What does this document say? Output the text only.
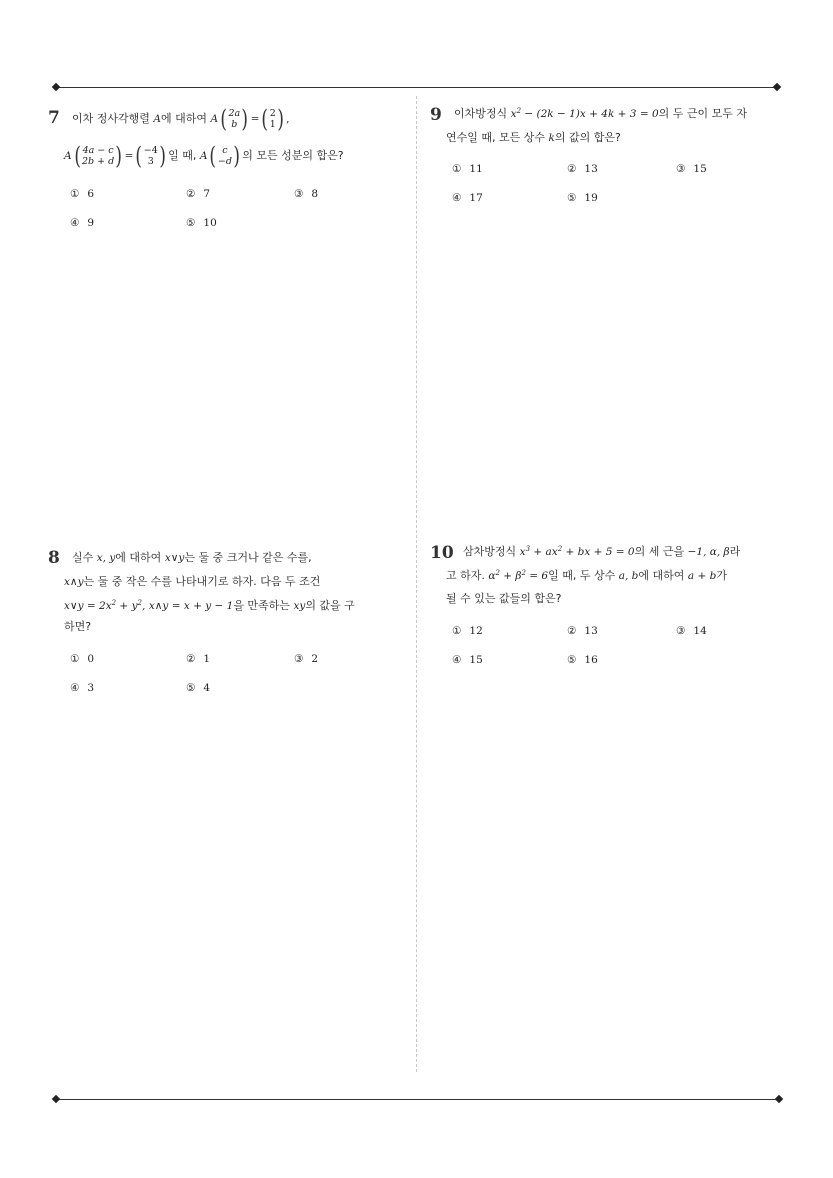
7 이차 정사각행렬 A에 대하여 A ( 2a
b ) = ( 2
1 ) ,
A ( 4a − c
2b + d ) = ( −4
3 ) 일 때, A ( c
−d ) 의 모든 성분의 합은?
① 6	② 7	③ 8
④ 9	⑤ 10
9 이차방정식 $x^2 - (2k - 1)x + 4k + 3 = 0$의 두 근이 모두 자
연수일 때, 모든 상수 k의 값의 합은?
① 11	② 13	③ 15
④ 17	⑤ 19
8 실수 x, y에 대하여 x∨y는 둘 중 크거나 같은 수를,
x∧y는 둘 중 작은 수를 나타내기로 하자. 다음 두 조건
x∨y = $2x^2 + y^2$, x∧y = x + y − 1을 만족하는 xy의 값을 구
하면?
① 0	② 1	③ 2
④ 3	⑤ 4
10 삼차방정식 $x^3 + ax^2$ + bx + 5 = 0의 세 근을 −1, α, β라
고 하자. $\alpha^2 + \beta^2 = 6$일 때, 두 상수 a, b에 대하여 a + b가
될 수 있는 값들의 합은?
① 12	② 13	③ 14
④ 15	⑤ 16
